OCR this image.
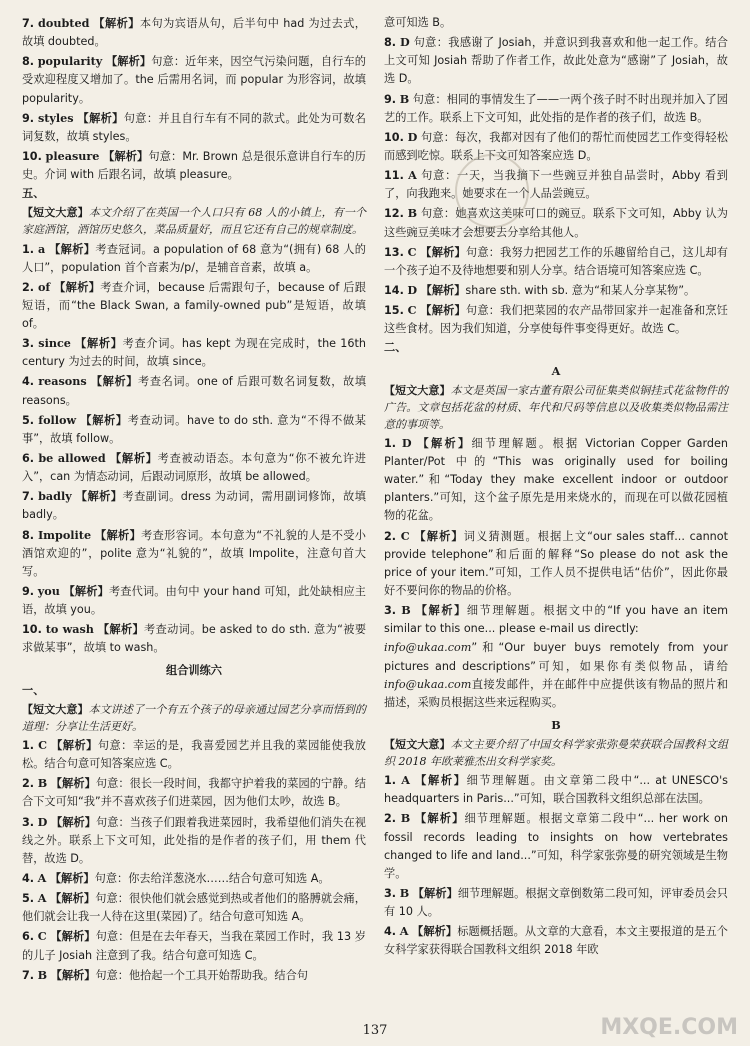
7. doubted 【解析】本句为宾语从句，后半句中 had 为过去式，故填 doubted。

8. popularity 【解析】句意：近年来，因空气污染问题，自行车的受欢迎程度又增加了。the 后需用名词，而 popular 为形容词，故填 popularity。

9. styles 【解析】句意：并且自行车有不同的款式。此处为可数名词复数，故填 styles。

10. pleasure 【解析】句意：Mr. Brown 总是很乐意讲自行车的历史。介词 with 后跟名词，故填 pleasure。

五、

【短文大意】本文介绍了在英国一个人口只有 68 人的小镇上，有一个家庭酒馆，酒馆历史悠久，菜品质量好，而且它还有自己的规章制度。

1. a 【解析】考查冠词。a population of 68 意为“(拥有) 68 人的人口”，population 首个音素为/p/，是辅音音素，故填 a。

2. of 【解析】考查介词，because 后需跟句子，because of 后跟短语，而“the Black Swan, a family-owned pub”是短语，故填 of。

3. since 【解析】考查介词。has kept 为现在完成时，the 16th century 为过去的时间，故填 since。

4. reasons 【解析】考查名词。one of 后跟可数名词复数，故填 reasons。

5. follow 【解析】考查动词。have to do sth. 意为“不得不做某事”，故填 follow。

6. be allowed 【解析】考查被动语态。本句意为“你不被允许进入”，can 为情态动词，后跟动词原形，故填 be allowed。

7. badly 【解析】考查副词。dress 为动词，需用副词修饰，故填 badly。

8. Impolite 【解析】考查形容词。本句意为“不礼貌的人是不受小酒馆欢迎的”，polite 意为“礼貌的”，故填 Impolite，注意句首大写。

9. you 【解析】考查代词。由句中 your hand 可知，此处缺相应主语，故填 you。

10. to wash 【解析】考查动词。be asked to do sth. 意为“被要求做某事”，故填 to wash。

组合训练六

一、

【短文大意】本文讲述了一个有五个孩子的母亲通过园艺分享而悟到的道理：分享让生活更好。

1. C 【解析】句意：幸运的是，我喜爱园艺并且我的菜园能使我放松。结合句意可知答案应选 C。

2. B 【解析】句意：很长一段时间，我都守护着我的菜园的宁静。结合下文可知“我”并不喜欢孩子们进菜园，因为他们太吵，故选 B。

3. D 【解析】句意：当孩子们跟着我进菜园时，我希望他们消失在视线之外。联系上下文可知，此处指的是作者的孩子们，用 them 代替，故选 D。

4. A 【解析】句意：你去给洋葱浇水……结合句意可知选 A。

5. A 【解析】句意：很快他们就会感觉到热或者他们的胳膊就会痛，他们就会让我一人待在这里(菜园)了。结合句意可知选 A。

6. C 【解析】句意：但是在去年春天，当我在菜园工作时，我 13 岁的儿子 Josiah 注意到了我。结合句意可知选 C。

7. B 【解析】句意：他拾起一个工具开始帮助我。结合句

意可知选 B。

8. D 句意：我感谢了 Josiah，并意识到我喜欢和他一起工作。结合上文可知 Josiah 帮助了作者工作，故此处意为“感谢”了 Josiah，故选 D。

9. B 句意：相同的事情发生了——一两个孩子时不时出现并加入了园艺的工作。联系上下文可知，此处指的是作者的孩子们，故选 B。

10. D 句意：每次，我都对因有了他们的帮忙而使园艺工作变得轻松而感到吃惊。联系上下文可知答案应选 D。

11. A 句意：一天，当我摘下一些豌豆并独自品尝时，Abby 看到了，向我跑来。她要求在一个人品尝豌豆。

12. B 句意：她喜欢这美味可口的豌豆。联系下文可知，Abby 认为这些豌豆美味才会想要去分享给其他人。

13. C 【解析】句意：我努力把园艺工作的乐趣留给自己，这儿却有一个孩子迫不及待地想要和别人分享。结合语境可知答案应选 C。

14. D 【解析】share sth. with sb. 意为“和某人分享某物”。

15. C 【解析】句意：我们把菜园的农产品带回家并一起准备和烹饪这些食材。因为我们知道，分享使每件事变得更好。故选 C。

二、

A

【短文大意】本文是英国一家古董有限公司征集类似铜挂式花盆物件的广告。文章包括花盆的材质、年代和尺码等信息以及收集类似物品需注意的事项等。

1. D 【解析】细节理解题。根据 Victorian Copper Garden Planter/Pot 中的“This was originally used for boiling water.”和“Today they make excellent indoor or outdoor planters.”可知，这个盆子原先是用来烧水的，而现在可以做花园植物的花盆。

2. C 【解析】词义猜测题。根据上文“our sales staff... cannot provide telephone”和后面的解释“So please do not ask the price of your item.”可知，工作人员不提供电话“估价”，因此你最好不要问你的物品的价格。

3. B 【解析】细节理解题。根据文中的“If you have an item similar to this one... please e-mail us directly:

info@ukaa.com”和“Our buyer buys remotely from your pictures and descriptions”可知，如果你有类似物品，请给info@ukaa.com直接发邮件，并在邮件中应提供该有物品的照片和描述，采购员根据这些来远程购买。

B

【短文大意】本文主要介绍了中国女科学家张弥曼荣获联合国教科文组织 2018 年欧莱雅杰出女科学家奖。

1. A 【解析】细节理解题。由文章第二段中“... at UNESCO's headquarters in Paris...”可知，联合国教科文组织总部在法国。

2. B 【解析】细节理解题。根据文章第二段中“... her work on fossil records leading to insights on how vertebrates changed to life and land...”可知，科学家张弥曼的研究领域是生物学。

3. B 【解析】细节理解题。根据文章倒数第二段可知，评审委员会只有 10 人。

4. A 【解析】标题概括题。从文章的大意看，本文主要报道的是五个女科学家获得联合国教科文组织 2018 年欧

137	MXQE.COM
